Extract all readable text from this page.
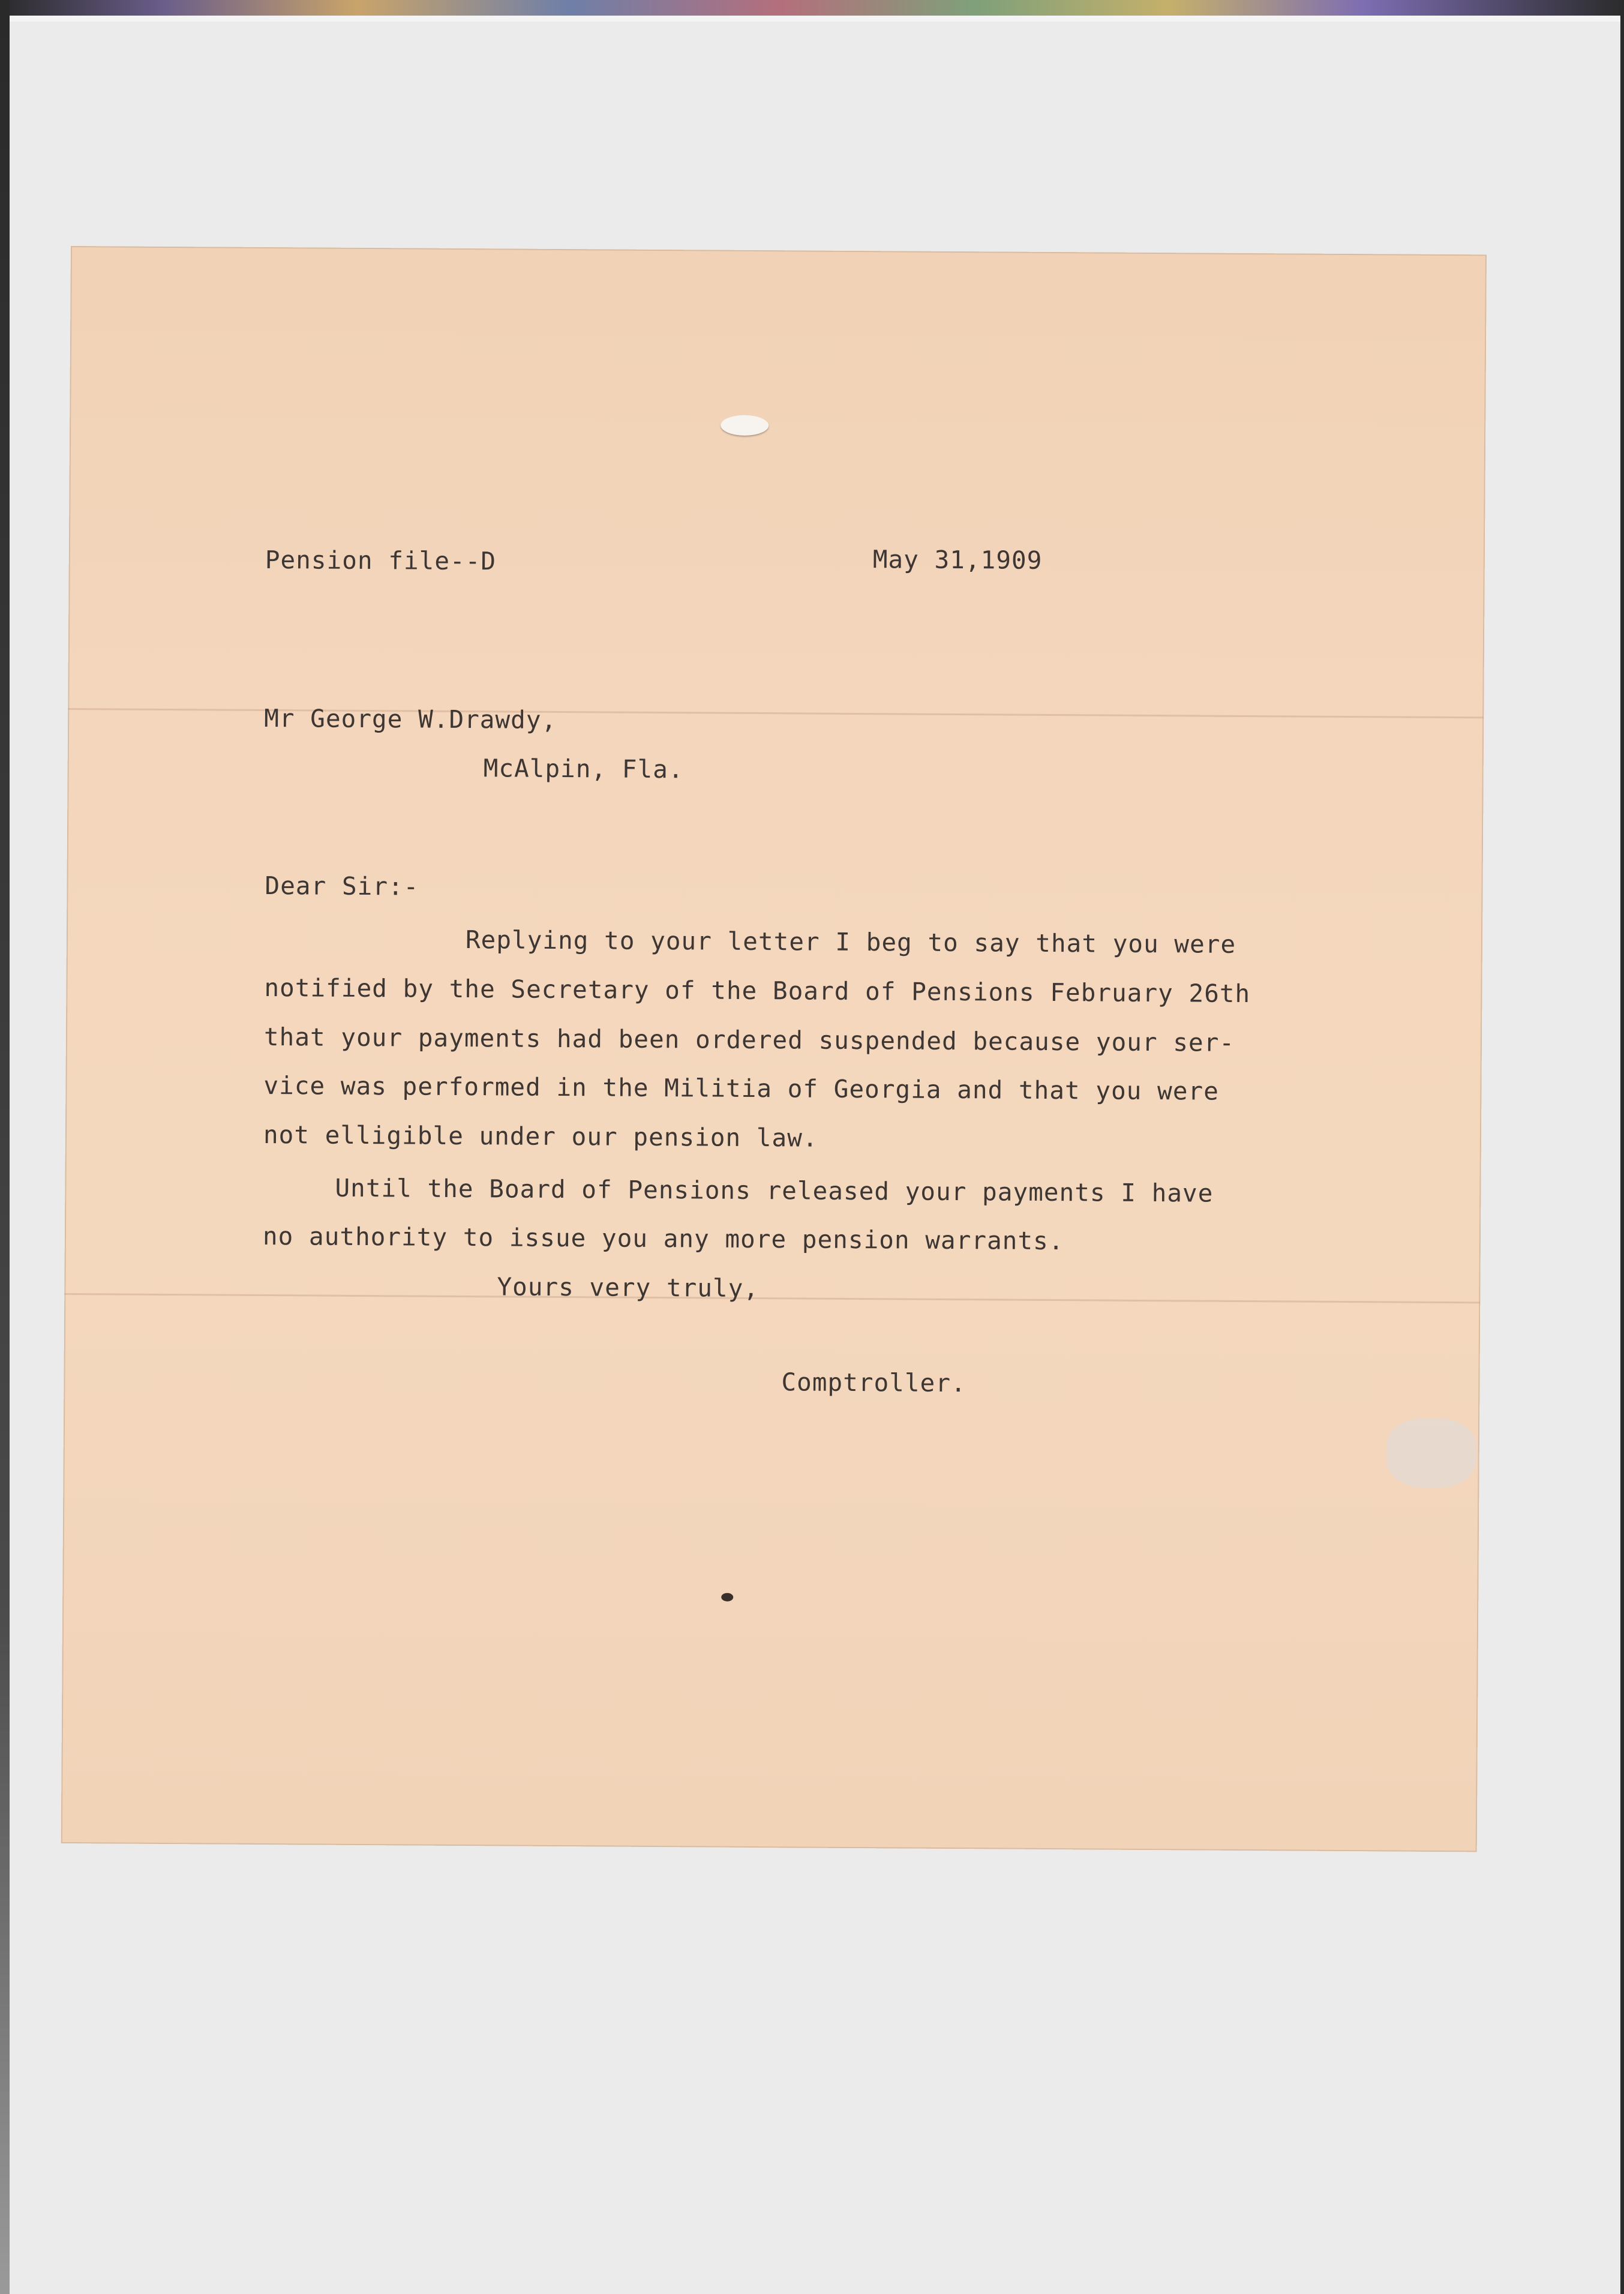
Pension file--D	May 31,1909
Mr George W.Drawdy,
McAlpin, Fla.
Dear Sir:-
Replying to your letter I beg to say that you were
notified by the Secretary of the Board of Pensions February 26th
that your payments had been ordered suspended because your ser-
vice was performed in the Militia of Georgia and that you were
not elligible under our pension law.
Until the Board of Pensions released your payments I have
no authority to issue you any more pension warrants.
Yours very truly,
Comptroller.
